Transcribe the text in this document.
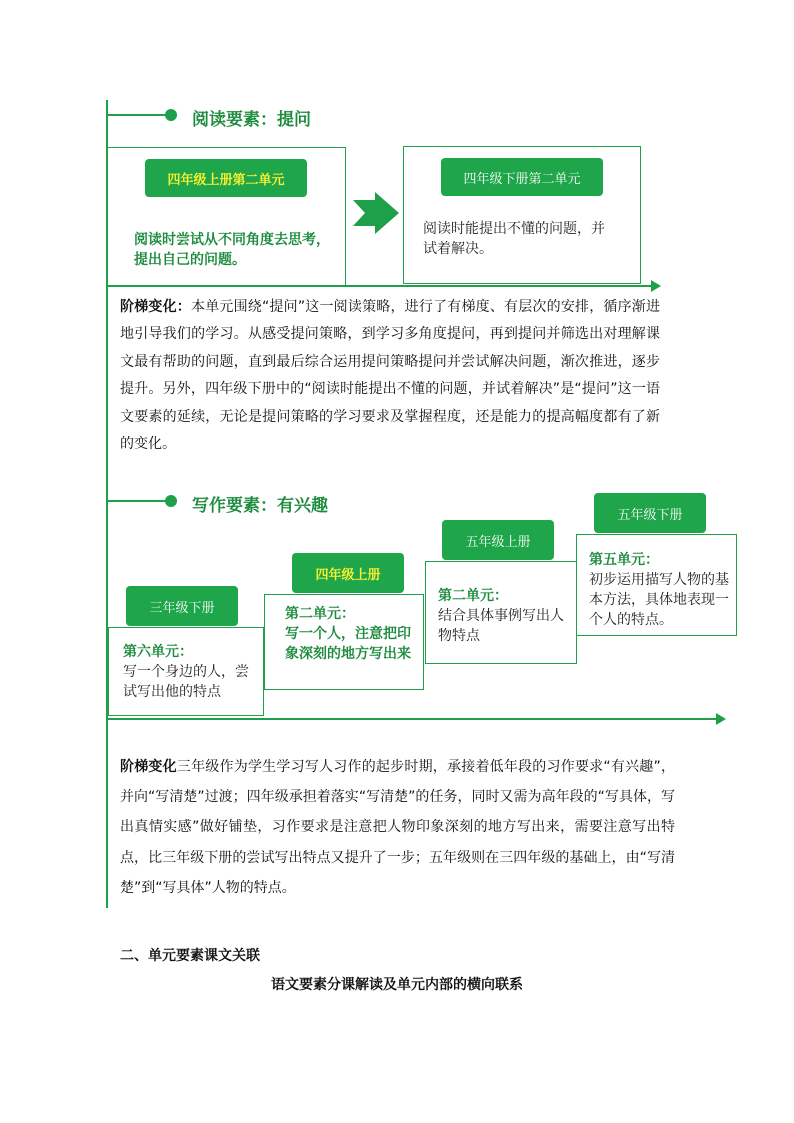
阅读要素：提问
四年级上册第二单元
阅读时尝试从不同角度去思考，提出自己的问题。
四年级下册第二单元
阅读时能提出不懂的问题，并试着解决。
阶梯变化：本单元围绕“提问”这一阅读策略，进行了有梯度、有层次的安排，循序渐进地引导我们的学习。从感受提问策略，到学习多角度提问，再到提问并筛选出对理解课文最有帮助的问题，直到最后综合运用提问策略提问并尝试解决问题，渐次推进，逐步提升。另外，四年级下册中的“阅读时能提出不懂的问题，并试着解决”是“提问”这一语文要素的延续，无论是提问策略的学习要求及掌握程度，还是能力的提高幅度都有了新的变化。
写作要素：有兴趣
三年级下册
第六单元：
写一个身边的人，尝试写出他的特点
四年级上册
第二单元：
写一个人，注意把印象深刻的地方写出来
五年级上册
第二单元：
结合具体事例写出人物特点
五年级下册
第五单元：
初步运用描写人物的基本方法，具体地表现一个人的特点。
阶梯变化三年级作为学生学习写人习作的起步时期，承接着低年段的习作要求“有兴趣”，并向“写清楚”过渡；四年级承担着落实“写清楚”的任务，同时又需为高年段的“写具体，写出真情实感”做好铺垫，习作要求是注意把人物印象深刻的地方写出来，需要注意写出特点，比三年级下册的尝试写出特点又提升了一步；五年级则在三四年级的基础上，由“写清楚”到“写具体”人物的特点。
二、单元要素课文关联
语文要素分课解读及单元内部的横向联系
